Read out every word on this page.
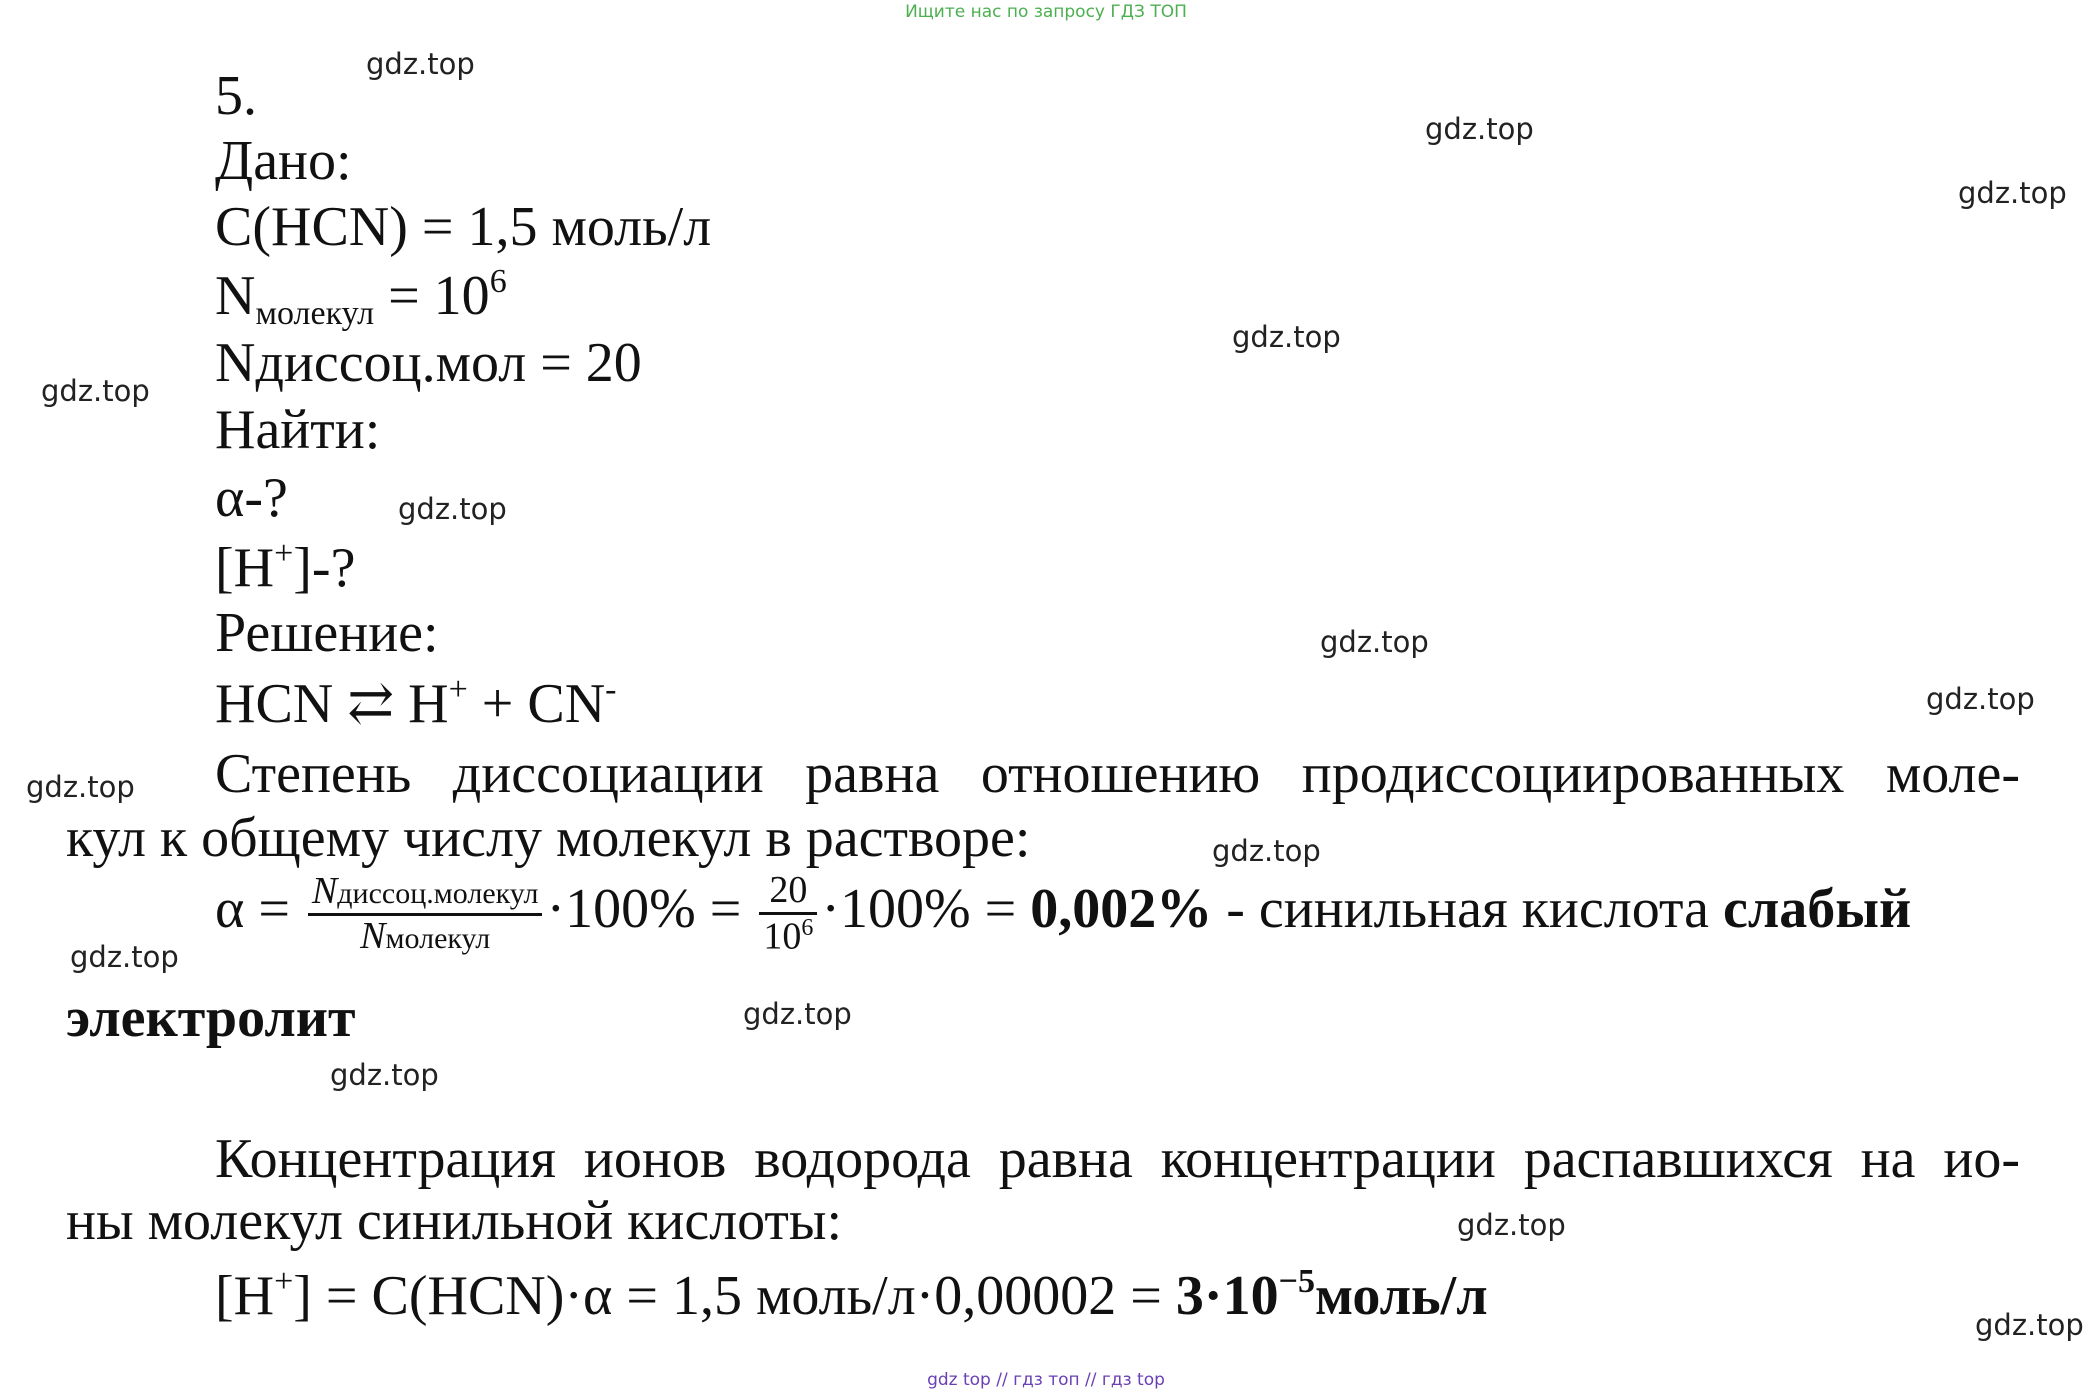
Ищите нас по запросу ГДЗ ТОП
5.
Дано:
C(HCN) = 1,5 моль/л
$N_{молекул} = 10^6$
Nдиссоц.мол = 20
Найти:
α-?
[H+]-?
Решение:
HCN ⇄ H+ + CN-
Степень диссоциации равна отношению продиссоциированных моле-
кул к общему числу молекул в растворе:
$\alpha = \frac{\text{Nдиссоц.молекул}}{\text{Nмолекул}} \cdot 100\% = \frac{20}{10^6} \cdot 100\% = 0,002\%$ - синильная кислота слабый
электролит
Концентрация ионов водорода равна концентрации распавшихся на ио-
ны молекул синильной кислоты:
[H+] = C(HCN)·α = 1,5 моль/л·0,00002 = $3\cdot 10^{-5}моль/л$
gdz.top
gdz.top
gdz.top
gdz.top
gdz.top
gdz.top
gdz.top
gdz.top
gdz.top
gdz.top
gdz.top
gdz.top
gdz.top
gdz.top
gdz.top
gdz top // гдз топ // гдз top
